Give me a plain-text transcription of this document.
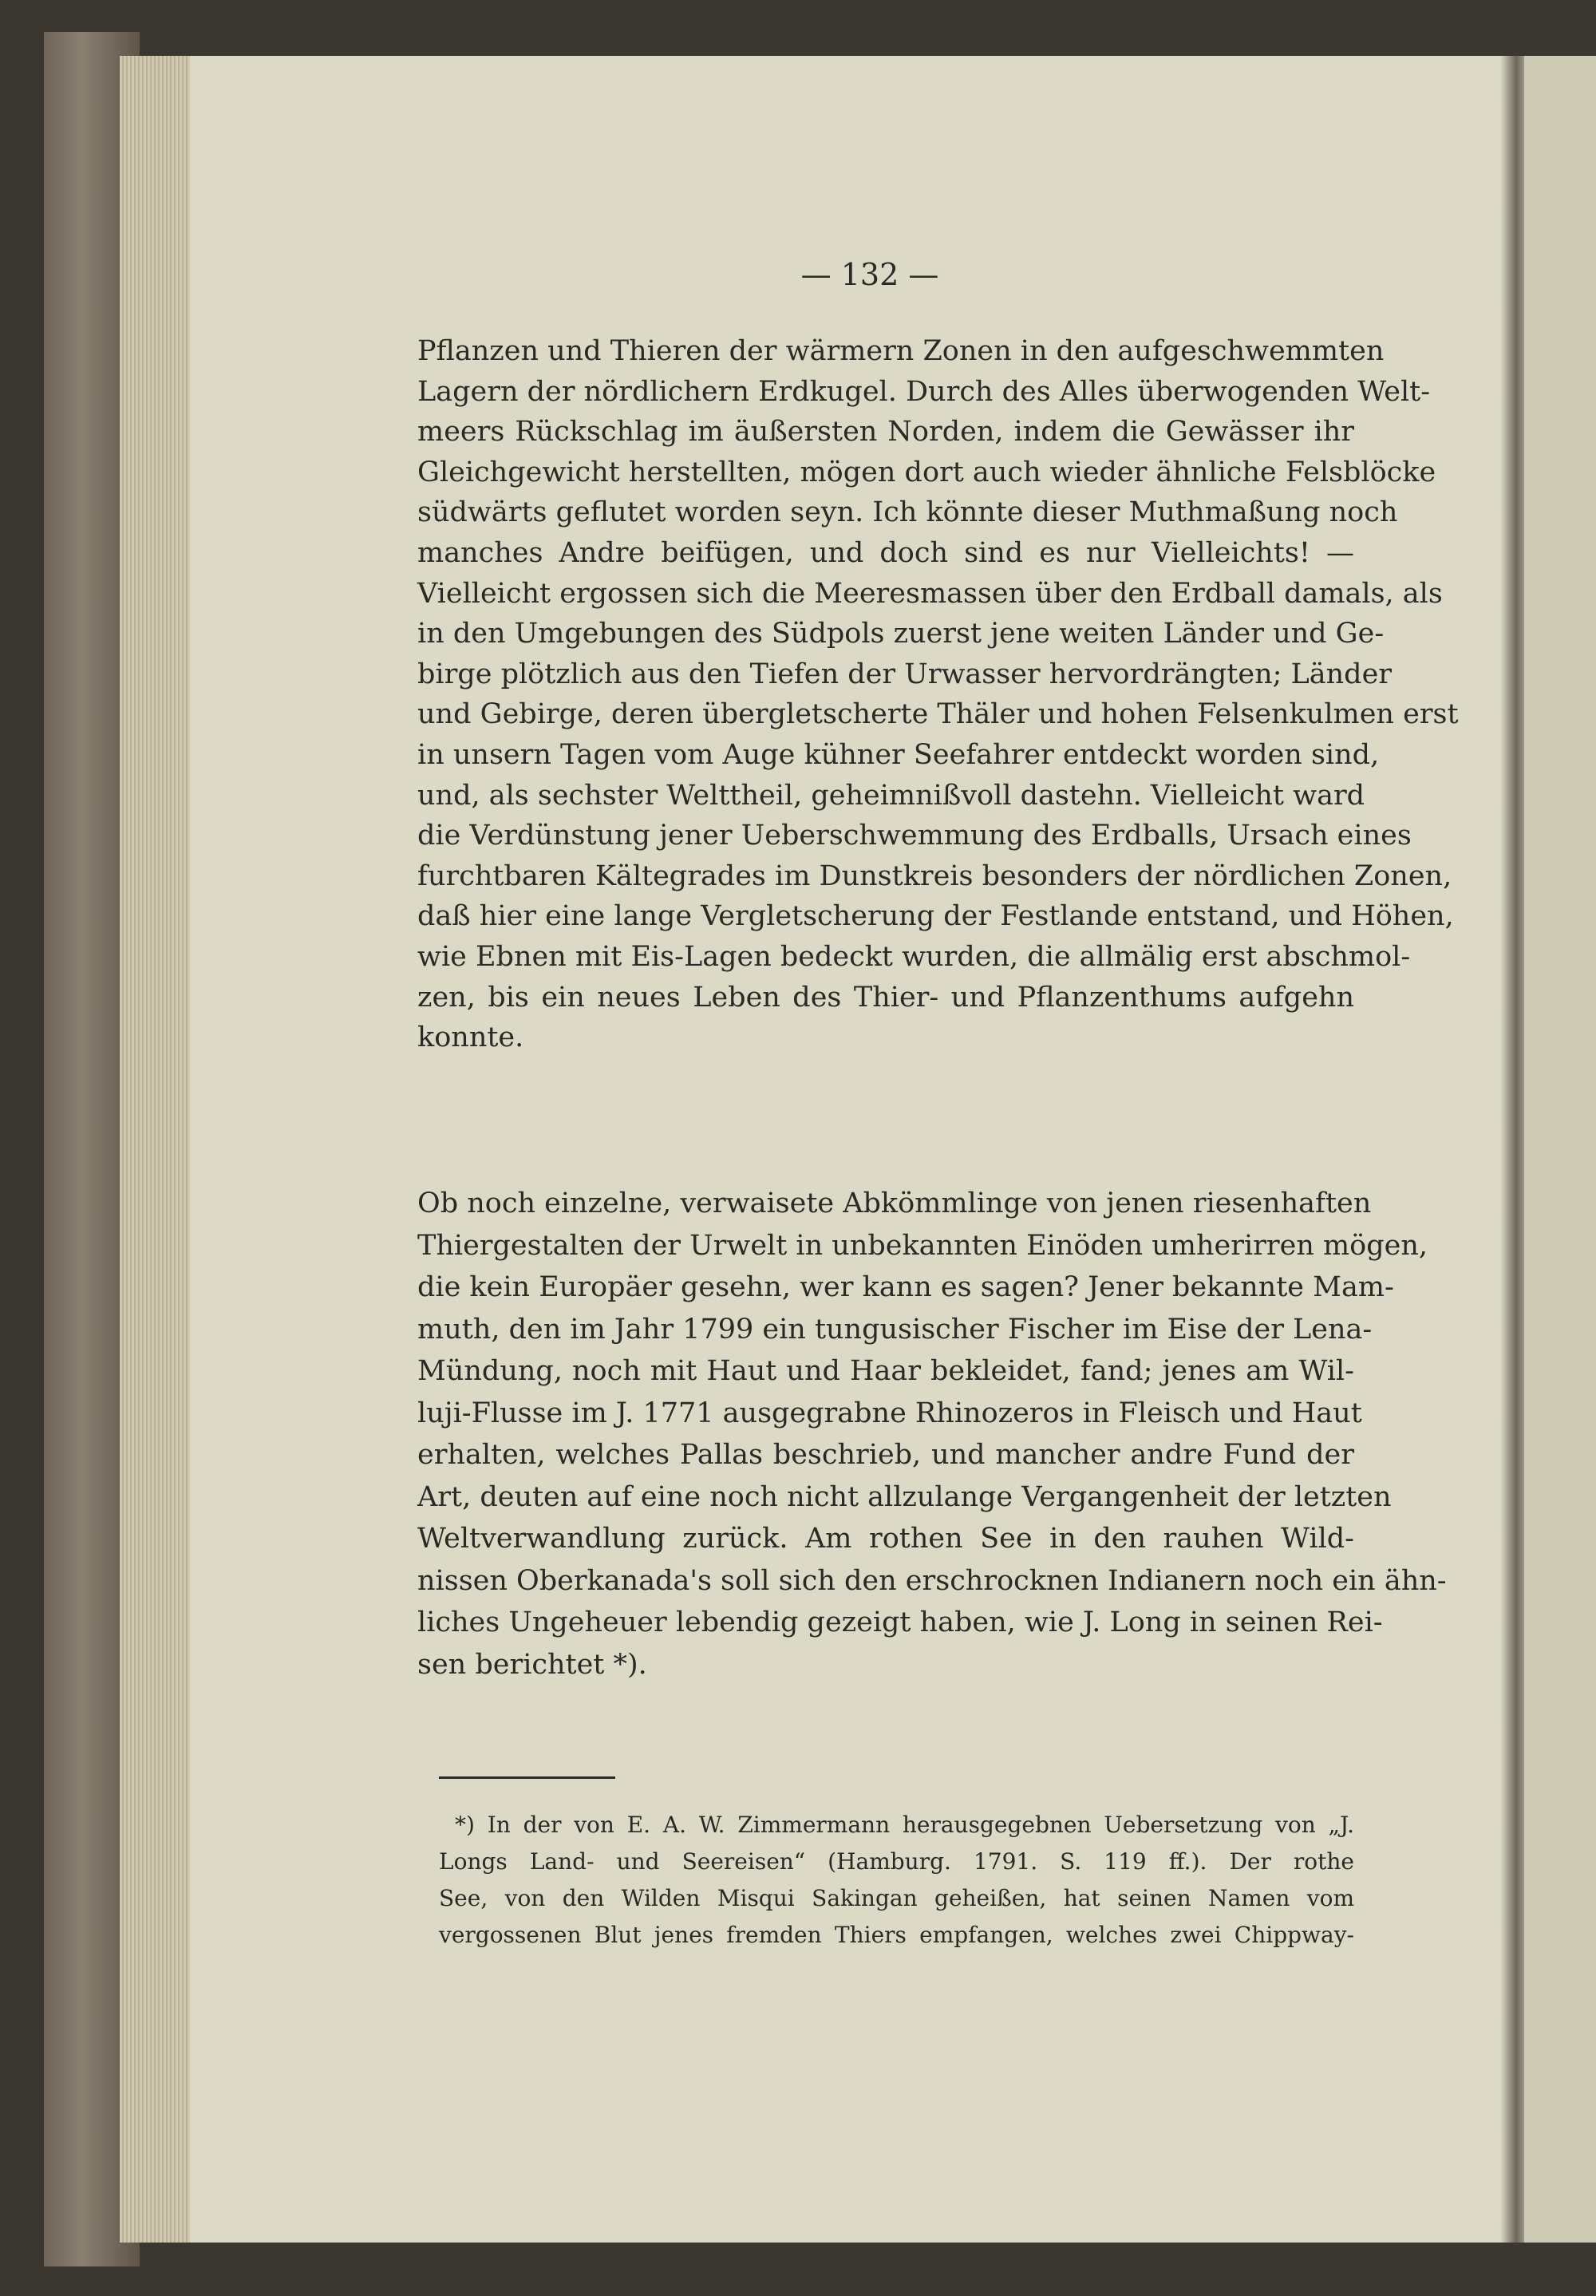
— 132 —
Pflanzen und Thieren der wärmern Zonen in den aufgeschwemmten
Lagern der nördlichern Erdkugel. Durch des Alles überwogenden Welt-
meers Rückschlag im äußersten Norden, indem die Gewässer ihr
Gleichgewicht herstellten, mögen dort auch wieder ähnliche Felsblöcke
südwärts geflutet worden seyn. Ich könnte dieser Muthmaßung noch
manches Andre beifügen, und doch sind es nur Vielleichts! —
Vielleicht ergossen sich die Meeresmassen über den Erdball damals, als
in den Umgebungen des Südpols zuerst jene weiten Länder und Ge-
birge plötzlich aus den Tiefen der Urwasser hervordrängten; Länder
und Gebirge, deren übergletscherte Thäler und hohen Felsenkulmen erst
in unsern Tagen vom Auge kühner Seefahrer entdeckt worden sind,
und, als sechster Welttheil, geheimnißvoll dastehn. Vielleicht ward
die Verdünstung jener Ueberschwemmung des Erdballs, Ursach eines
furchtbaren Kältegrades im Dunstkreis besonders der nördlichen Zonen,
daß hier eine lange Vergletscherung der Festlande entstand, und Höhen,
wie Ebnen mit Eis-Lagen bedeckt wurden, die allmälig erst abschmol-
zen, bis ein neues Leben des Thier- und Pflanzenthums aufgehn
konnte.
Ob noch einzelne, verwaisete Abkömmlinge von jenen riesenhaften
Thiergestalten der Urwelt in unbekannten Einöden umherirren mögen,
die kein Europäer gesehn, wer kann es sagen? Jener bekannte Mam-
muth, den im Jahr 1799 ein tungusischer Fischer im Eise der Lena-
Mündung, noch mit Haut und Haar bekleidet, fand; jenes am Wil-
luji-Flusse im J. 1771 ausgegrabne Rhinozeros in Fleisch und Haut
erhalten, welches Pallas beschrieb, und mancher andre Fund der
Art, deuten auf eine noch nicht allzulange Vergangenheit der letzten
Weltverwandlung zurück. Am rothen See in den rauhen Wild-
nissen Oberkanada's soll sich den erschrocknen Indianern noch ein ähn-
liches Ungeheuer lebendig gezeigt haben, wie J. Long in seinen Rei-
sen berichtet *).
*) In der von E. A. W. Zimmermann herausgegebnen Uebersetzung von „J.
Longs Land- und Seereisen“ (Hamburg. 1791. S. 119 ff.). Der rothe
See, von den Wilden Misqui Sakingan geheißen, hat seinen Namen vom
vergossenen Blut jenes fremden Thiers empfangen, welches zwei Chippway-
